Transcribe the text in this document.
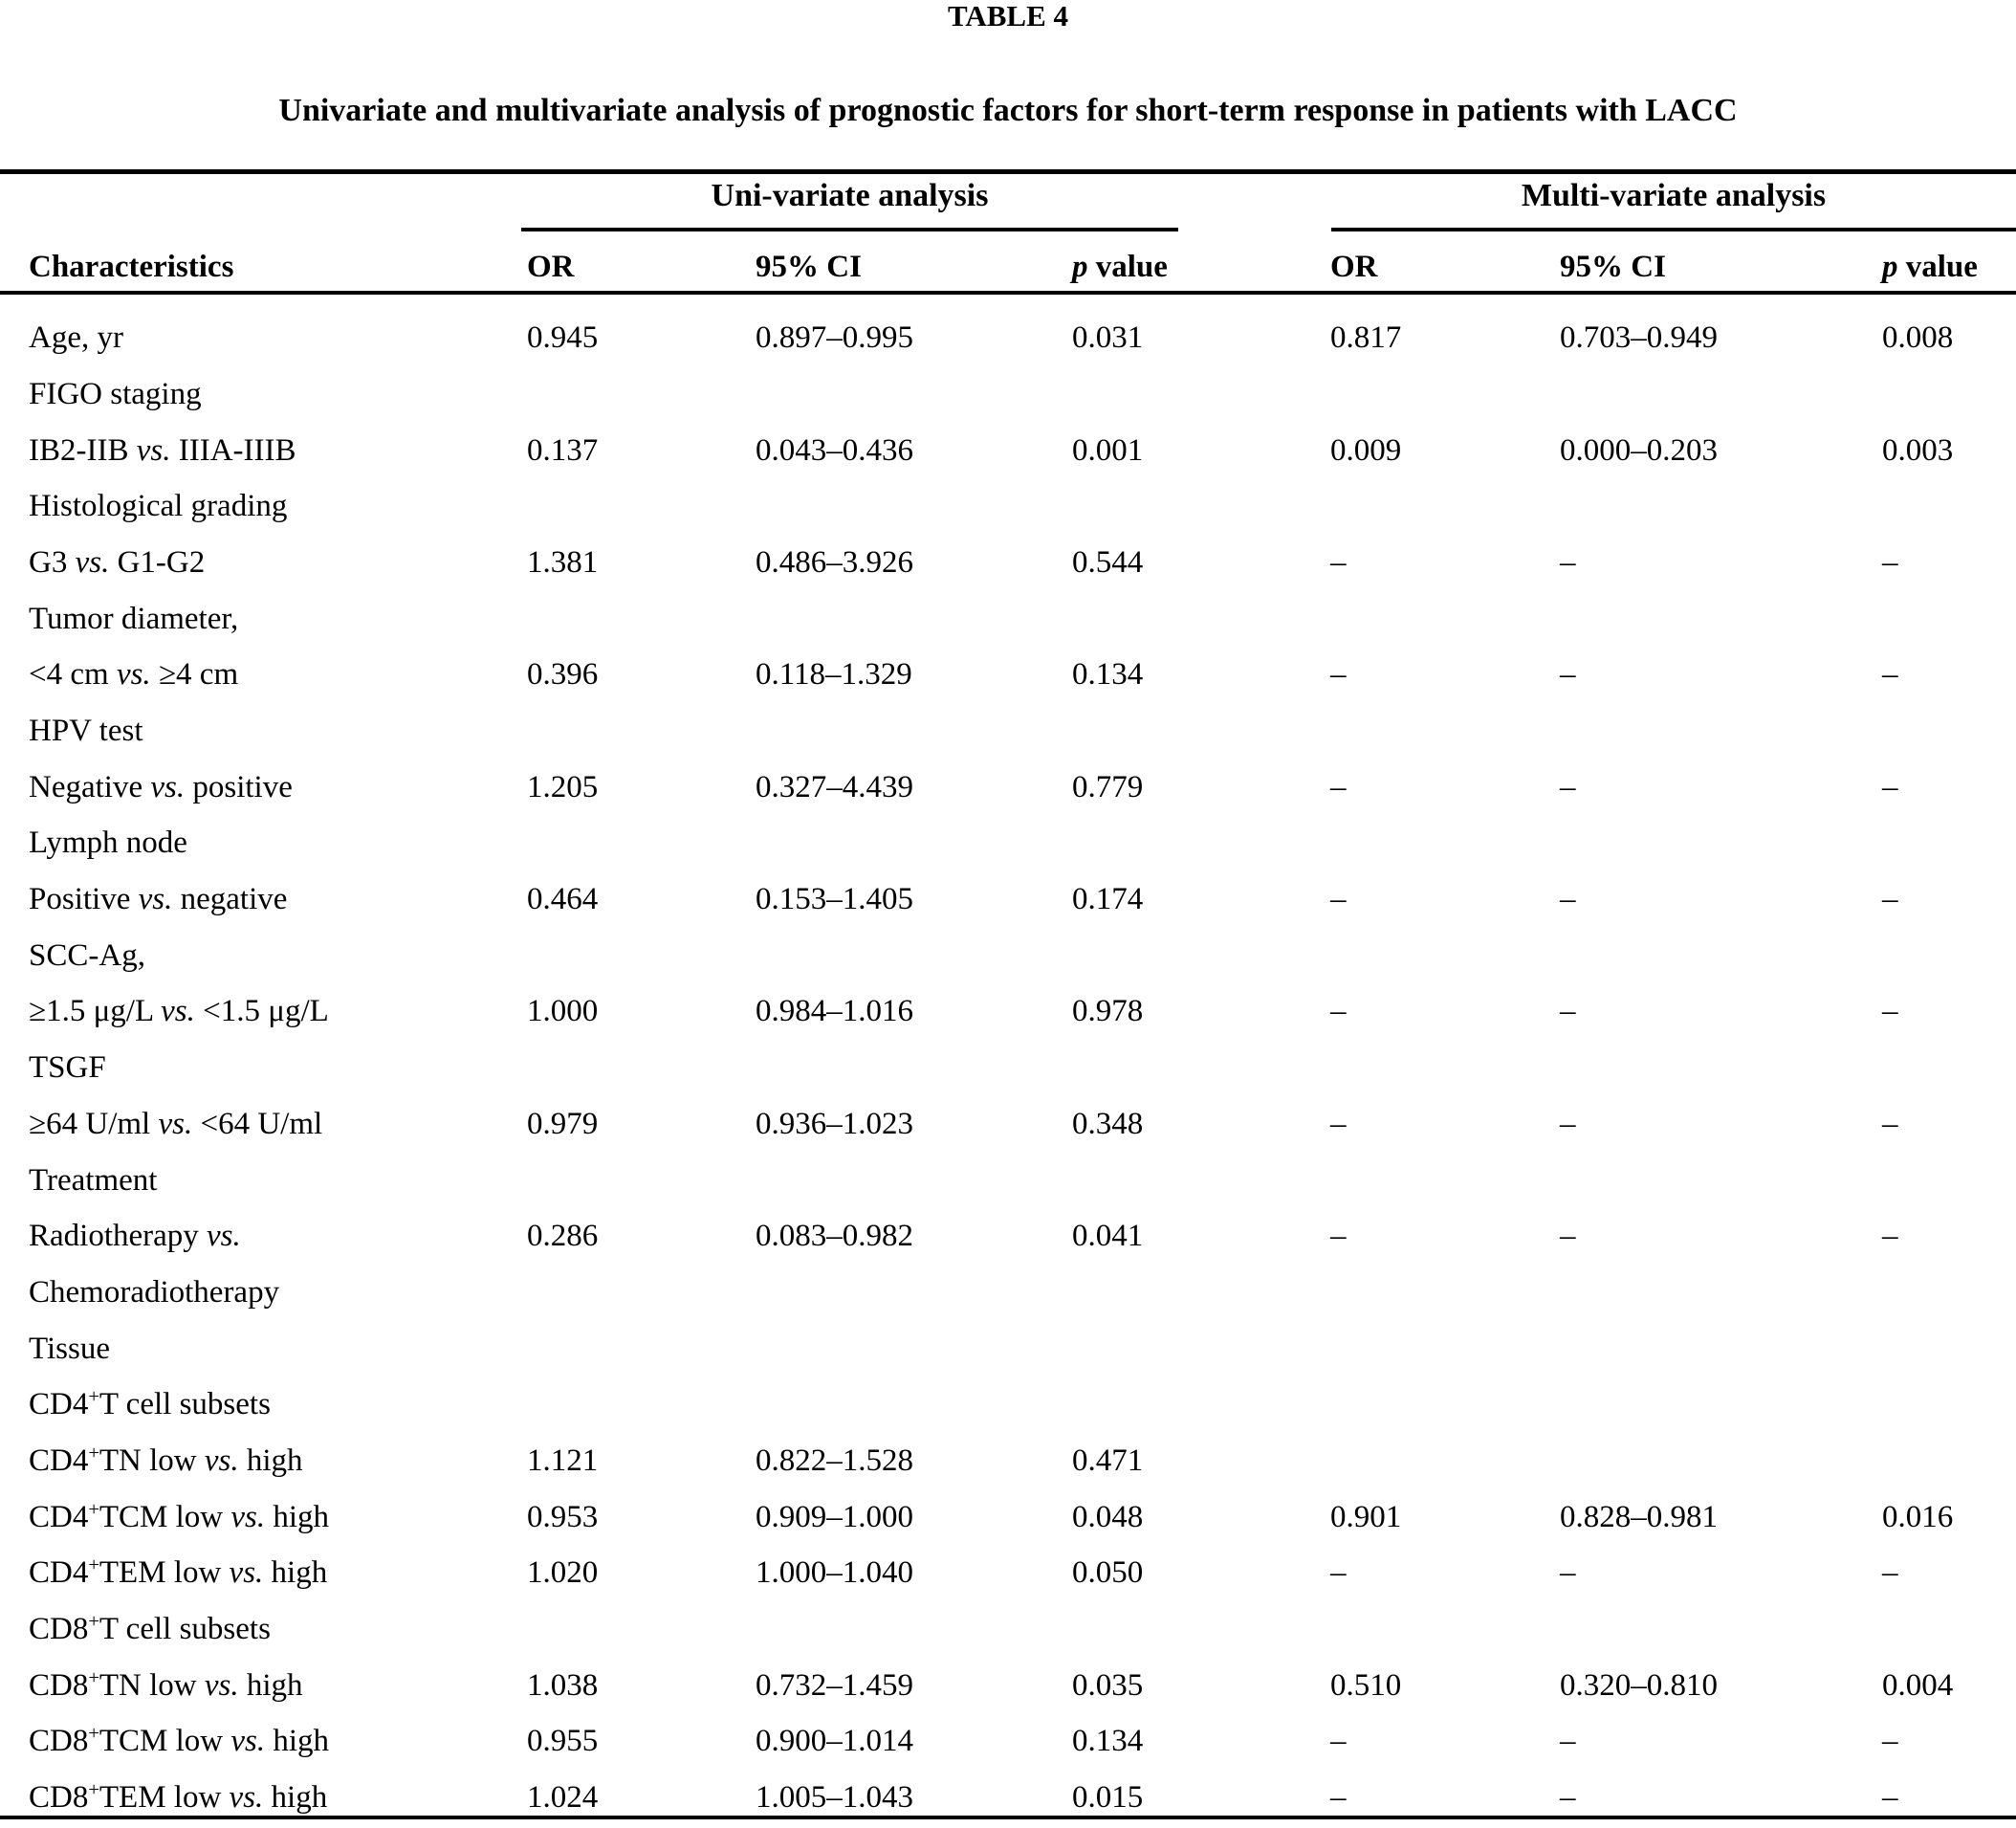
TABLE 4
Univariate and multivariate analysis of prognostic factors for short-term response in patients with LACC
Uni-variate analysis	Multi-variate analysis
Characteristics	OR	95% CI	p value	OR	95% CI	p value
Age, yr	0.945	0.897–0.995	0.031	0.817	0.703–0.949	0.008
FIGO staging
IB2-IIB vs. IIIA-IIIB	0.137	0.043–0.436	0.001	0.009	0.000–0.203	0.003
Histological grading
G3 vs. G1-G2	1.381	0.486–3.926	0.544	–	–	–
Tumor diameter,
<4 cm vs. ≥4 cm	0.396	0.118–1.329	0.134	–	–	–
HPV test
Negative vs. positive	1.205	0.327–4.439	0.779	–	–	–
Lymph node
Positive vs. negative	0.464	0.153–1.405	0.174	–	–	–
SCC-Ag,
≥1.5 μg/L vs. <1.5 μg/L	1.000	0.984–1.016	0.978	–	–	–
TSGF
≥64 U/ml vs. <64 U/ml	0.979	0.936–1.023	0.348	–	–	–
Treatment
Radiotherapy vs.	0.286	0.083–0.982	0.041	–	–	–
Chemoradiotherapy
Tissue
CD4+T cell subsets
CD4+TN low vs. high	1.121	0.822–1.528	0.471
CD4+TCM low vs. high	0.953	0.909–1.000	0.048	0.901	0.828–0.981	0.016
CD4+TEM low vs. high	1.020	1.000–1.040	0.050	–	–	–
CD8+T cell subsets
CD8+TN low vs. high	1.038	0.732–1.459	0.035	0.510	0.320–0.810	0.004
CD8+TCM low vs. high	0.955	0.900–1.014	0.134	–	–	–
CD8+TEM low vs. high	1.024	1.005–1.043	0.015	–	–	–
